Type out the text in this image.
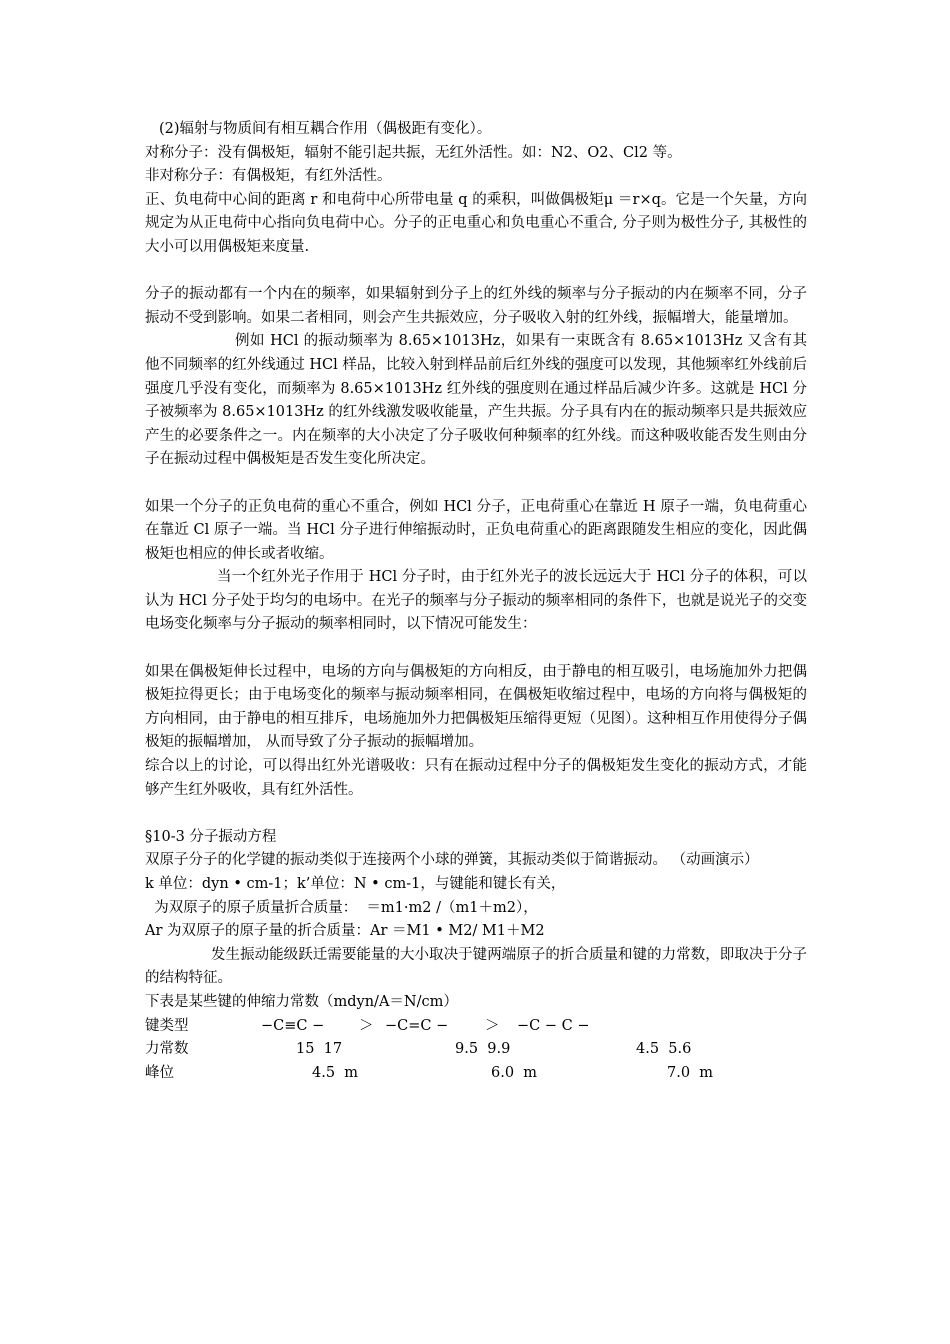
(2)辐射与物质间有相互耦合作用（偶极距有变化）。

对称分子：没有偶极矩，辐射不能引起共振，无红外活性。如：N2、O2、Cl2 等。

非对称分子：有偶极矩，有红外活性。

正、负电荷中心间的距离 r 和电荷中心所带电量 q 的乘积，叫做偶极矩μ ＝r×q。它是一个矢量，方向规定为从正电荷中心指向负电荷中心。分子的正电重心和负电重心不重合, 分子则为极性分子, 其极性的大小可以用偶极矩来度量.

分子的振动都有一个内在的频率，如果辐射到分子上的红外线的频率与分子振动的内在频率不同，分子振动不受到影响。如果二者相同，则会产生共振效应，分子吸收入射的红外线，振幅增大，能量增加。

例如 HCl 的振动频率为 8.65×1013Hz，如果有一束既含有 8.65×1013Hz 又含有其他不同频率的红外线通过 HCl 样品，比较入射到样品前后红外线的强度可以发现，其他频率红外线前后强度几乎没有变化，而频率为 8.65×1013Hz 红外线的强度则在通过样品后减少许多。这就是 HCl 分子被频率为 8.65×1013Hz 的红外线激发吸收能量，产生共振。分子具有内在的振动频率只是共振效应产生的必要条件之一。内在频率的大小决定了分子吸收何种频率的红外线。而这种吸收能否发生则由分子在振动过程中偶极矩是否发生变化所决定。

如果一个分子的正负电荷的重心不重合，例如 HCl 分子，正电荷重心在靠近 H 原子一端，负电荷重心在靠近 Cl 原子一端。当 HCl 分子进行伸缩振动时，正负电荷重心的距离跟随发生相应的变化，因此偶极矩也相应的伸长或者收缩。

当一个红外光子作用于 HCl 分子时，由于红外光子的波长远远大于 HCl 分子的体积，可以认为 HCl 分子处于均匀的电场中。在光子的频率与分子振动的频率相同的条件下，也就是说光子的交变电场变化频率与分子振动的频率相同时，以下情况可能发生：

如果在偶极矩伸长过程中，电场的方向与偶极矩的方向相反，由于静电的相互吸引，电场施加外力把偶极矩拉得更长；由于电场变化的频率与振动频率相同，在偶极矩收缩过程中，电场的方向将与偶极矩的方向相同，由于静电的相互排斥，电场施加外力把偶极矩压缩得更短（见图）。这种相互作用使得分子偶极矩的振幅增加， 从而导致了分子振动的振幅增加。

综合以上的讨论，可以得出红外光谱吸收：只有在振动过程中分子的偶极矩发生变化的振动方式，才能够产生红外吸收，具有红外活性。

§10-3 分子振动方程

双原子分子的化学键的振动类似于连接两个小球的弹簧，其振动类似于简谐振动。 （动画演示）

k 单位：dyn • cm-1；k’单位：N • cm-1，与键能和键长有关，

为双原子的原子质量折合质量：  ＝m1·m2 /（m1＋m2），

Ar 为双原子的原子量的折合质量：Ar ＝M1 • M2/ M1＋M2

发生振动能级跃迁需要能量的大小取决于键两端原子的折合质量和键的力常数，即取决于分子的结构特征。

下表是某些键的伸缩力常数（mdyn/A＝N/cm）

键类型	−C≡C − ＞ −C=C −	＞ −C − C −
力常数	15  17	9.5  9.9	4.5  5.6
峰位	4.5  m	6.0  m	7.0  m
